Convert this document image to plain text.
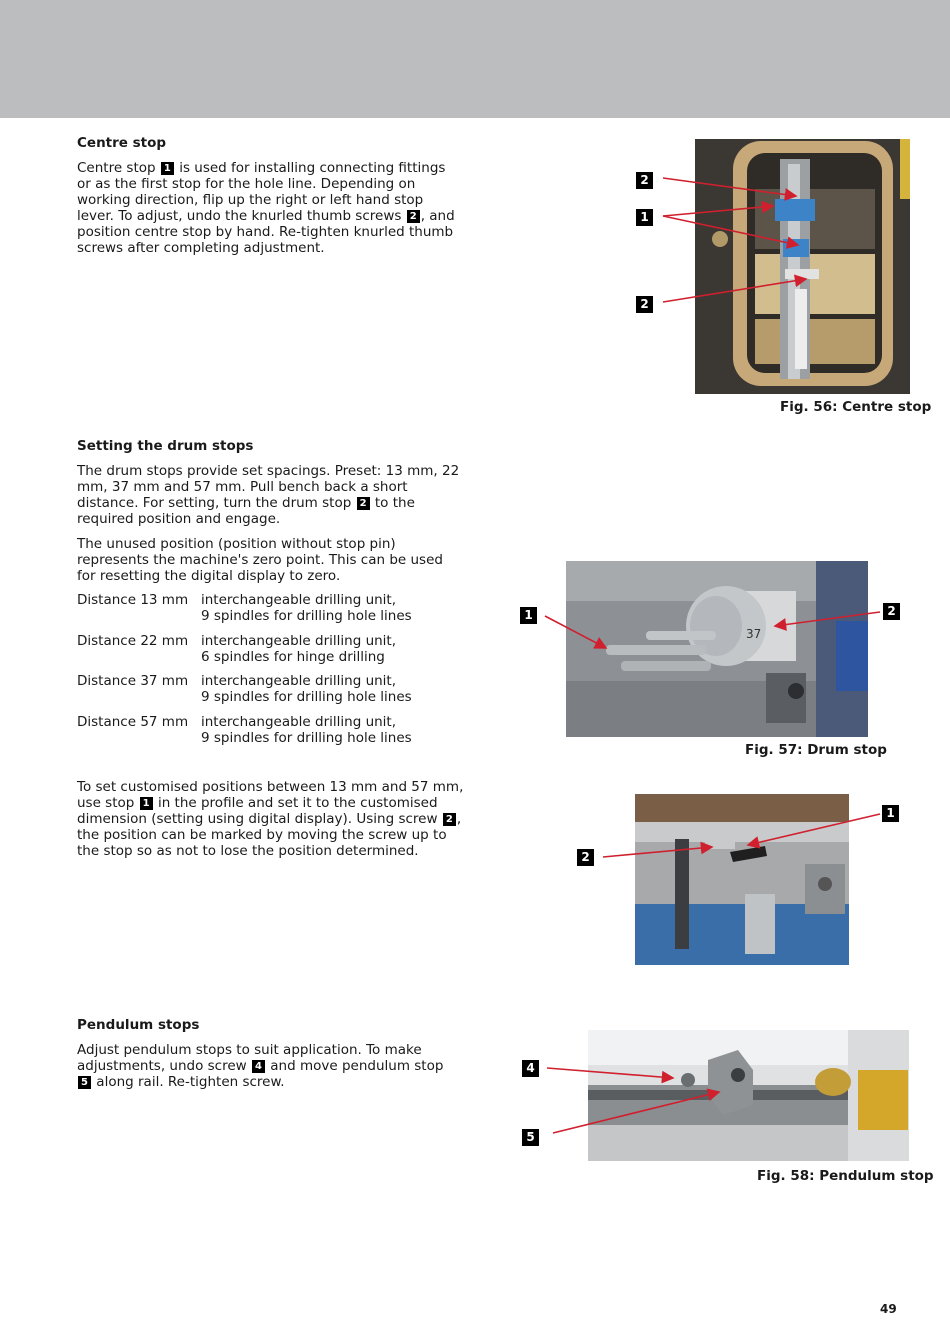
Centre stop

Centre stop 1 is used for installing connecting fittings or as the first stop for the hole line. Depending on working direction, flip up the right or left hand stop lever. To adjust, undo the knurled thumb screws 2 , and position centre stop by hand. Re-tighten knurled thumb screws after completing adjustment.

2
1
2
Fig. 56: Centre stop
Setting the drum stops

The drum stops provide set spacings. Preset: 13 mm, 22 mm, 37 mm and 57 mm. Pull bench back a short distance. For setting, turn the drum stop 2 to the required position and engage.

The unused position (position without stop pin) represents the machine's zero point. This can be used for resetting the digital display to zero.

Distance 13 mm interchangeable drilling unit,
9 spindles for drilling hole lines
Distance 22 mm interchangeable drilling unit,
6 spindles for hinge drilling
Distance 37 mm interchangeable drilling unit,
9 spindles for drilling hole lines
Distance 57 mm interchangeable drilling unit,
9 spindles for drilling hole lines
37
1	2
Fig. 57: Drum stop

To set customised positions between 13 mm and 57 mm, use stop 1 in the profile and set it to the customised dimension (setting using digital display). Using screw 2 , the position can be marked by moving the screw up to the stop so as not to lose the position determined.

1
2
Pendulum stops

Adjust pendulum stops to suit application. To make adjustments, undo screw 4 and move pendulum stop 5 along rail. Re-tighten screw.

4
5
Fig. 58: Pendulum stop
49
